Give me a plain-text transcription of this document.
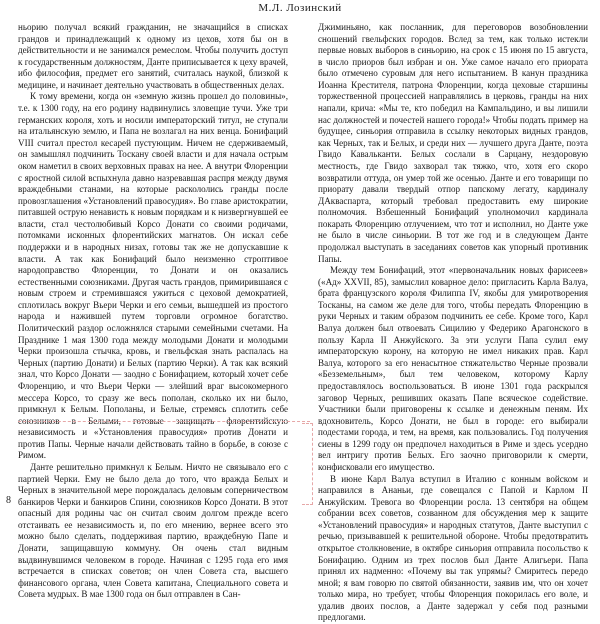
М.Л. Лозинский

ньорию получал всякий гражданин, не значащийся в списках грандов и принадлежащий к одному из цехов, хотя бы он в действительности и не занимался ремеслом. Чтобы получить доступ к государственным должностям, Данте приписывается к цеху врачей, ибо философия, предмет его занятий, считалась наукой, близкой к медицине, и начинает деятельно участвовать в общественных делах.

К тому времени, когда он «земную жизнь прошел до половины», т.е. к 1300 году, на его родину надвинулись зловещие тучи. Уже три германских короля, хоть и носили императорский титул, не ступали на итальянскую землю, и Папа не возлагал на них венца. Бонифаций VIII считал престол кесарей пустующим. Ничем не сдерживаемый, он замышлял подчинить Тоскану своей власти и для начала острым оком наметил в своих верховных правах на нее. А внутри Флоренции с яростной силой вспыхнула давно назревавшая распря между двумя враждебными станами, на которые раскололись гранды после провозглашения «Установлений правосудия». Во главе аристократии, питавшей острую ненависть к новым порядкам и к низвергнувшей ее власти, стал честолюбивый Корсо Донати со своими родичами, потомками исконных флорентийских магнатов. Он искал себе поддержки и в народных низах, готовы так же не допускавшие к власти. А так как Бонифаций было неизменно строптивое народоправство Флоренции, то Донати и он оказались естественными союзниками. Другая часть грандов, примирившаяся с новым строем и стремившаяся ужиться с цеховой демократией, сплотилась вокруг Вьери Черки и его семьи, вышедшей из простого народа и нажившей путем торговли огромное богатство. Политический раздор осложнялся старыми семейными счетами. На Празднике 1 мая 1300 года между молодыми Донати и молодыми Черки произошла стычка, кровь, и гвельфская знать распалась на Черных (партию Донати) и Белых (партию Черки). А так как всякий знал, что Корсо Донати — заодно с Бонифацием, который хочет себе Флоренцию, и что Вьери Черки — злейший враг высокомерного мессера Корсо, то сразу же весь пополан, сколько их ни было, примкнул к Белым. Пополаны, и Белые, стремясь сплотить себе союзников в Белыми, готовые защищать флорентийскую независимость и «Установления правосудия» против Донати и против Папы. Черные начали действовать тайно в борьбе, в союзе с Римом.

Данте решительно примкнул к Белым. Ничто не связывало его с партией Черки. Ему не было дела до того, что вражда Белых и Черных в значительной мере порождалась деловым соперничеством банкиров Черки и банкиров Спини, союзников Корсо Донати. В этот опасный для родины час он считал своим долгом прежде всего отстаивать ее независимость и, по его мнению, вернее всего это можно было сделать, поддерживая партию, враждебную Папе и Донати, защищавшую коммуну. Он очень стал видным выдвинувшимся человеком в городе. Начиная с 1295 года его имя встречается в списках советов; он член Совета ста, высшего финансового органа, член Совета капитана, Специального совета и Совета мудрых. В мае 1300 года он был отправлен в Сан-

Джиминьяно, как посланник, для переговоров возобновлении сношений гвельфских городов. Вслед за тем, как только истекли первые новых выборов в синьорию, на срок с 15 июня по 15 августа, в число приоров был избран и он. Уже самое начало его приората было отмечено суровым для него испытанием. В канун праздника Иоанна Крестителя, патрона Флоренции, когда цеховые старшины торжественной процессией направлялись в церковь, гранды на них напали, крича: «Мы те, кто победил на Кампальдино, и вы лишили нас должностей и почестей нашего города!» Чтобы подать пример на будущее, синьория отправила в ссылку некоторых видных грандов, как Черных, так и Белых, и среди них — лучшего друга Данте, поэта Гвидо Кавальканти. Белых сослали в Сарцану, нездоровую местность, где Гвидо захворал так тяжко, что, хотя его скоро возвратили оттуда, он умер той же осенью. Данте и его товарищи по приорату давали твердый отпор папскому легату, кардиналу ДАкваспарта, который требовал предоставить ему широкие полномочия. Взбешенный Бонифаций уполномочил кардинала покарать Флоренцию отлучением, что тот и исполнил, но Данте уже не было в числе синьории. В тот же год и в следующем Данте продолжал выступать в заседаниях советов как упорный противник Папы.

Между тем Бонифаций, этот «первоначальник новых фарисеев» («Ад» XXVII, 85), замыслил коварное дело: пригласить Карла Валуа, брата французского короля Филиппа IV, якобы для умиротворения Тосканы, на самом же деле для того, чтобы передать Флоренцию в руки Черных и таким образом подчинить ее себе. Кроме того, Карл Валуа должен был отвоевать Сицилию у Федерико Арагонского в пользу Карла II Анжуйского. За эти услуги Папа сулил ему императорскую корону, на которую не имел никаких прав. Карл Валуа, которого за его ненасытное стяжательство Черные прозвали «Безземельным», был тем человеком, которому Карлу предоставлялось воспользоваться. В июне 1301 года раскрылся заговор Черных, решивших оказать Папе всяческое содействие. Участники были приговорены к ссылке и денежным пеням. Их вдохновитель, Корсо Донати, не был в городе: его выбирали подестами города, и тем, на время, как пользовались. Год получения сиены в 1299 году он предпочел находиться в Риме и здесь усердно вел интригу против Белых. Его заочно приговорили к смерти, конфисковали его имущество.

В июне Карл Валуа вступил в Италию с конным войском и направился в Ананьи, где совещался с Папой и Карлом II Анжуйским. Тревога во Флоренции росла. 13 сентября на общем собрании всех советов, созванном для обсуждения мер к защите «Установлений правосудия» и народных статутов, Данте выступил с речью, призывавшей к решительной обороне. Чтобы предотвратить открытое столкновение, в октябре синьория отправила посольство к Бонифацию. Одним из трех послов был Данте Алигьери. Папа принял их надменно: «Почему вы так упрямы? Смиритесь передо мной; я вам говорю по святой обязанности, заявив им, что он хочет только мира, но требует, чтобы Флоренция покорилась его воле, и удалив двоих послов, а Данте задержал у себя под разными предлогами.

8
